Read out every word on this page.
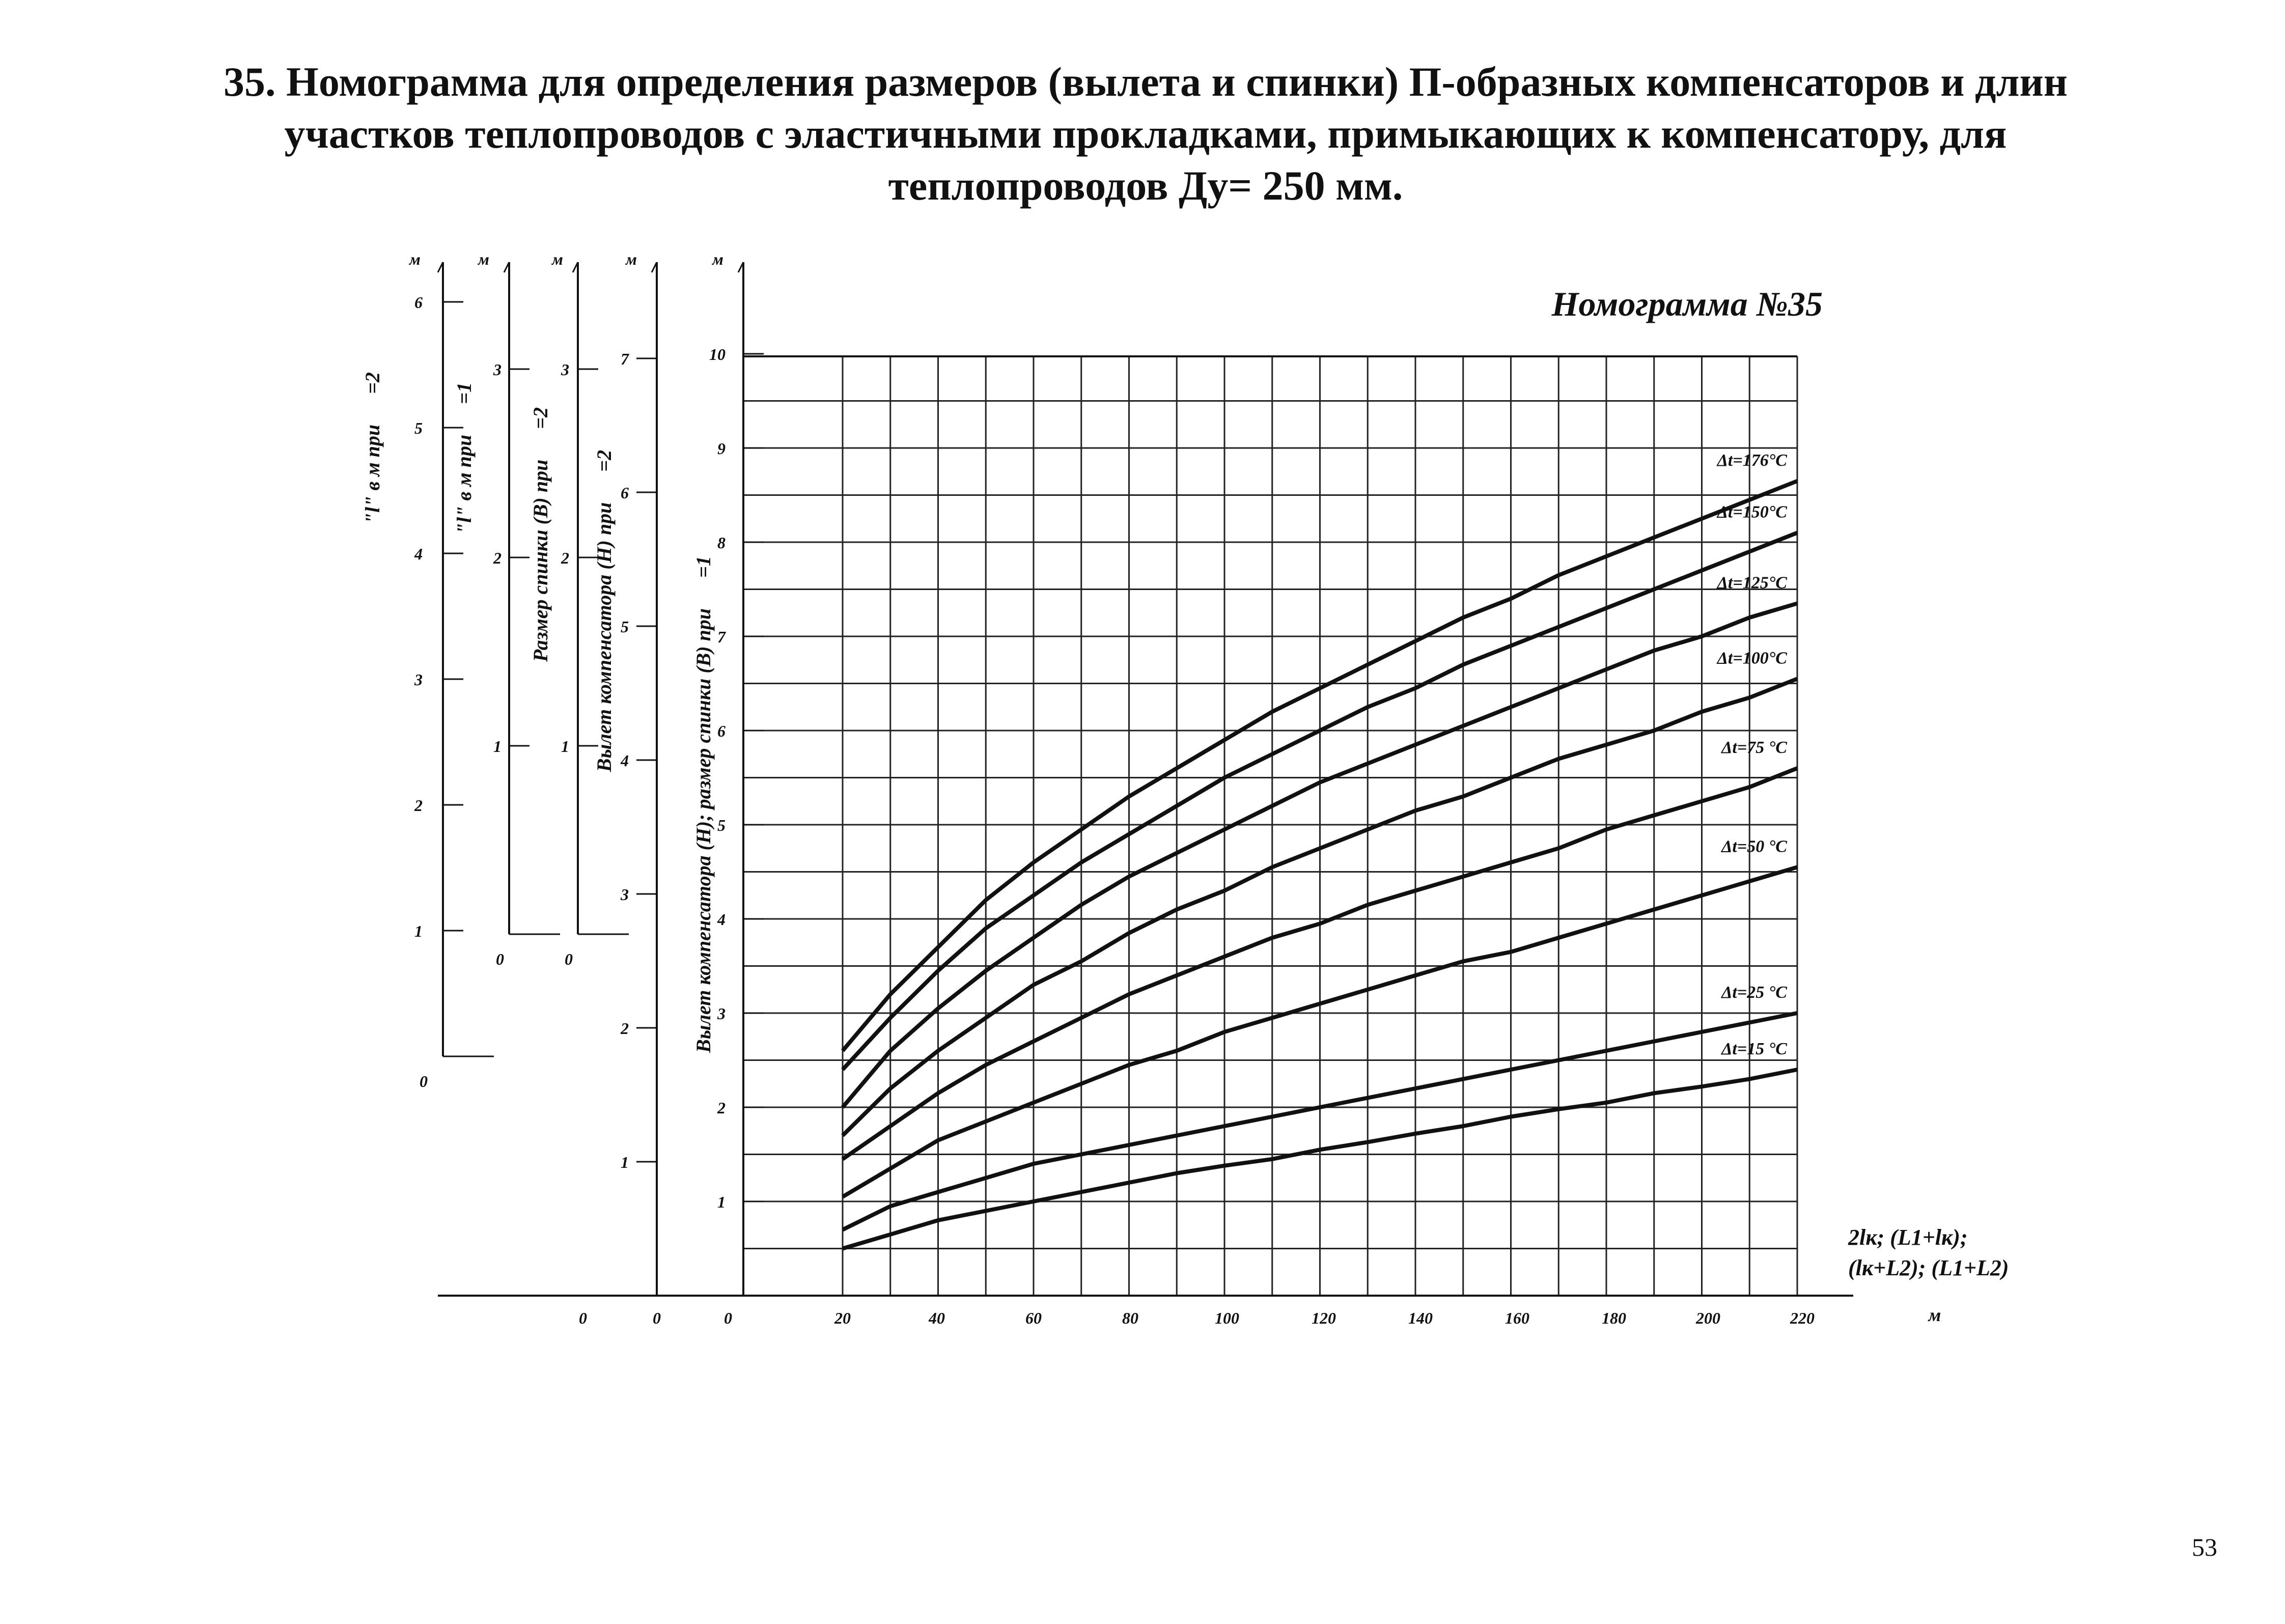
35. Номограмма для определения размеров (вылета и спинки) П-образных компенсаторов и длин
участков теплопроводов с эластичными прокладками, примыкающих к компенсатору, для
теплопроводов Ду= 250 мм.
1
2
3
4
5
6
0
м
"l" в м при=2
1
2
3
0
м
"l" в м при=1
1
2
3
0
м
Размер спинки (В) при=2
1
2
3
4
5
6
7
м
Вылет компенсатора (Н) при=2
1
2
3
4
5
6
7
8
9
10
м
Вылет компенсатора (Н); размер спинки (В) при=1
Номограмма №35
2lк; (L1+lк);
(lк+L2); (L1+L2)
м
0	0	0	20	40	60	80	100	120	140	160	180	200	220
Δt=176°C
Δt=150°C
Δt=125°C
Δt=100°C
Δt=75 °C
Δt=50 °C
Δt=25 °C
Δt=15 °C
53
